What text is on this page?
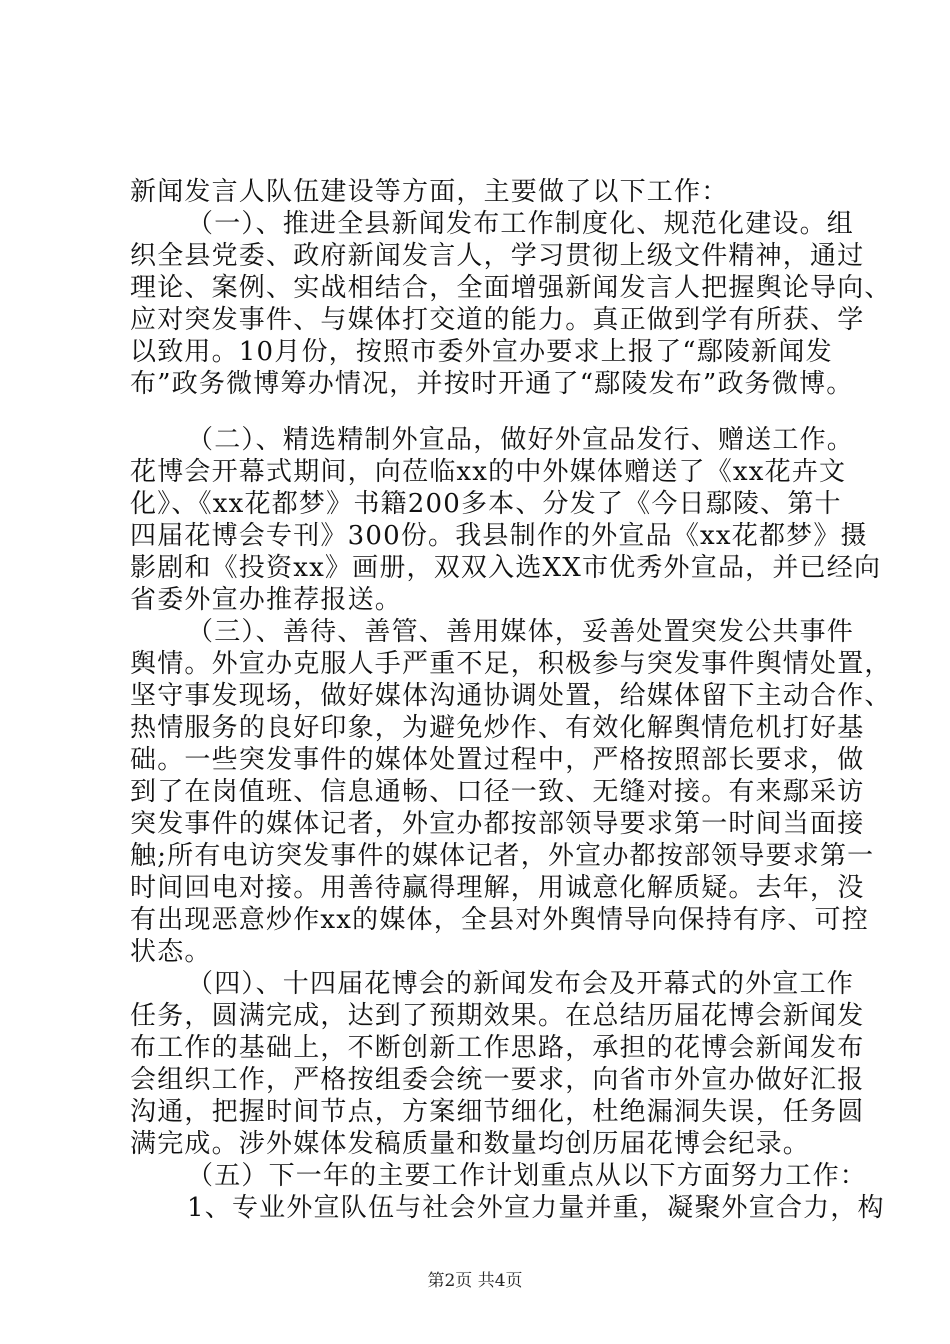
新闻发言人队伍建设等方面，主要做了以下工作：
（一）、推进全县新闻发布工作制度化、规范化建设。组
织全县党委、政府新闻发言人，学习贯彻上级文件精神，通过
理论、案例、实战相结合，全面增强新闻发言人把握舆论导向、
应对突发事件、与媒体打交道的能力。真正做到学有所获、学
以致用。10月份，按照市委外宣办要求上报了“鄢陵新闻发
布”政务微博筹办情况，并按时开通了“鄢陵发布”政务微博。
（二）、精选精制外宣品，做好外宣品发行、赠送工作。
花博会开幕式期间，向莅临xx的中外媒体赠送了《xx花卉文
化》、《xx花都梦》书籍200多本、分发了《今日鄢陵、第十
四届花博会专刊》300份。我县制作的外宣品《xx花都梦》摄
影剧和《投资xx》画册，双双入选XX市优秀外宣品，并已经向
省委外宣办推荐报送。
（三）、善待、善管、善用媒体，妥善处置突发公共事件
舆情。外宣办克服人手严重不足，积极参与突发事件舆情处置，
坚守事发现场，做好媒体沟通协调处置，给媒体留下主动合作、
热情服务的良好印象，为避免炒作、有效化解舆情危机打好基
础。一些突发事件的媒体处置过程中，严格按照部长要求，做
到了在岗值班、信息通畅、口径一致、无缝对接。有来鄢采访
突发事件的媒体记者，外宣办都按部领导要求第一时间当面接
触;所有电访突发事件的媒体记者，外宣办都按部领导要求第一
时间回电对接。用善待赢得理解，用诚意化解质疑。去年，没
有出现恶意炒作xx的媒体，全县对外舆情导向保持有序、可控
状态。
（四）、十四届花博会的新闻发布会及开幕式的外宣工作
任务，圆满完成，达到了预期效果。在总结历届花博会新闻发
布工作的基础上，不断创新工作思路，承担的花博会新闻发布
会组织工作，严格按组委会统一要求，向省市外宣办做好汇报
沟通，把握时间节点，方案细节细化，杜绝漏洞失误，任务圆
满完成。涉外媒体发稿质量和数量均创历届花博会纪录。
（五）下一年的主要工作计划重点从以下方面努力工作：
1、专业外宣队伍与社会外宣力量并重，凝聚外宣合力，构
第2页 共4页
